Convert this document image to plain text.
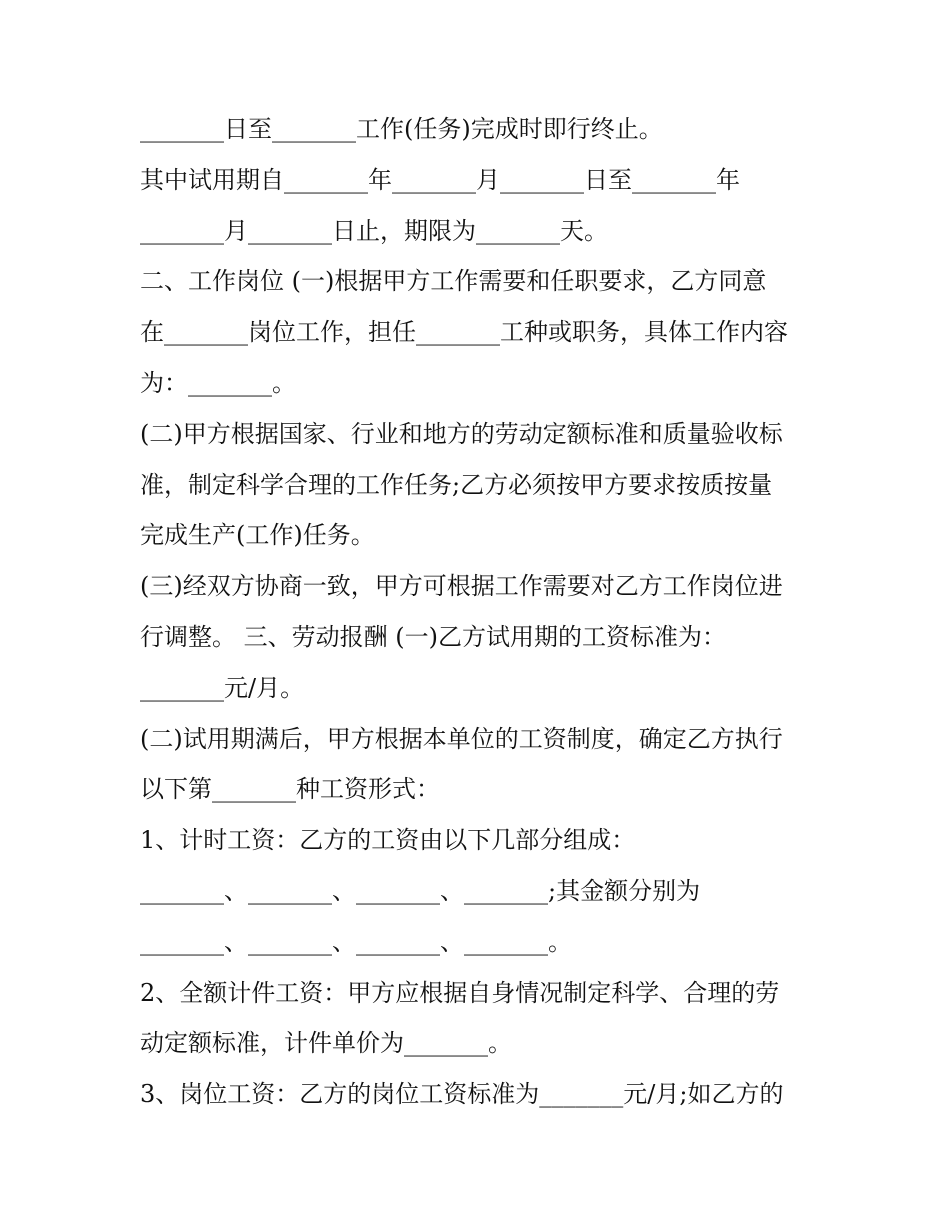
_______日至_______工作(任务)完成时即行终止。
其中试用期自_______年_______月_______日至_______年
_______月_______日止，期限为_______天。
二、工作岗位 (一)根据甲方工作需要和任职要求，乙方同意
在_______岗位工作，担任_______工种或职务，具体工作内容
为：_______。
(二)甲方根据国家、行业和地方的劳动定额标准和质量验收标
准，制定科学合理的工作任务;乙方必须按甲方要求按质按量
完成生产(工作)任务。
(三)经双方协商一致，甲方可根据工作需要对乙方工作岗位进
行调整。 三、劳动报酬 (一)乙方试用期的工资标准为：
_______元/月。
(二)试用期满后，甲方根据本单位的工资制度，确定乙方执行
以下第_______种工资形式：
1、计时工资：乙方的工资由以下几部分组成：
_______、_______、_______、_______;其金额分别为
_______、_______、_______、_______。
2、全额计件工资：甲方应根据自身情况制定科学、合理的劳
动定额标准，计件单价为_______。
3、岗位工资：乙方的岗位工资标准为_______元/月;如乙方的
